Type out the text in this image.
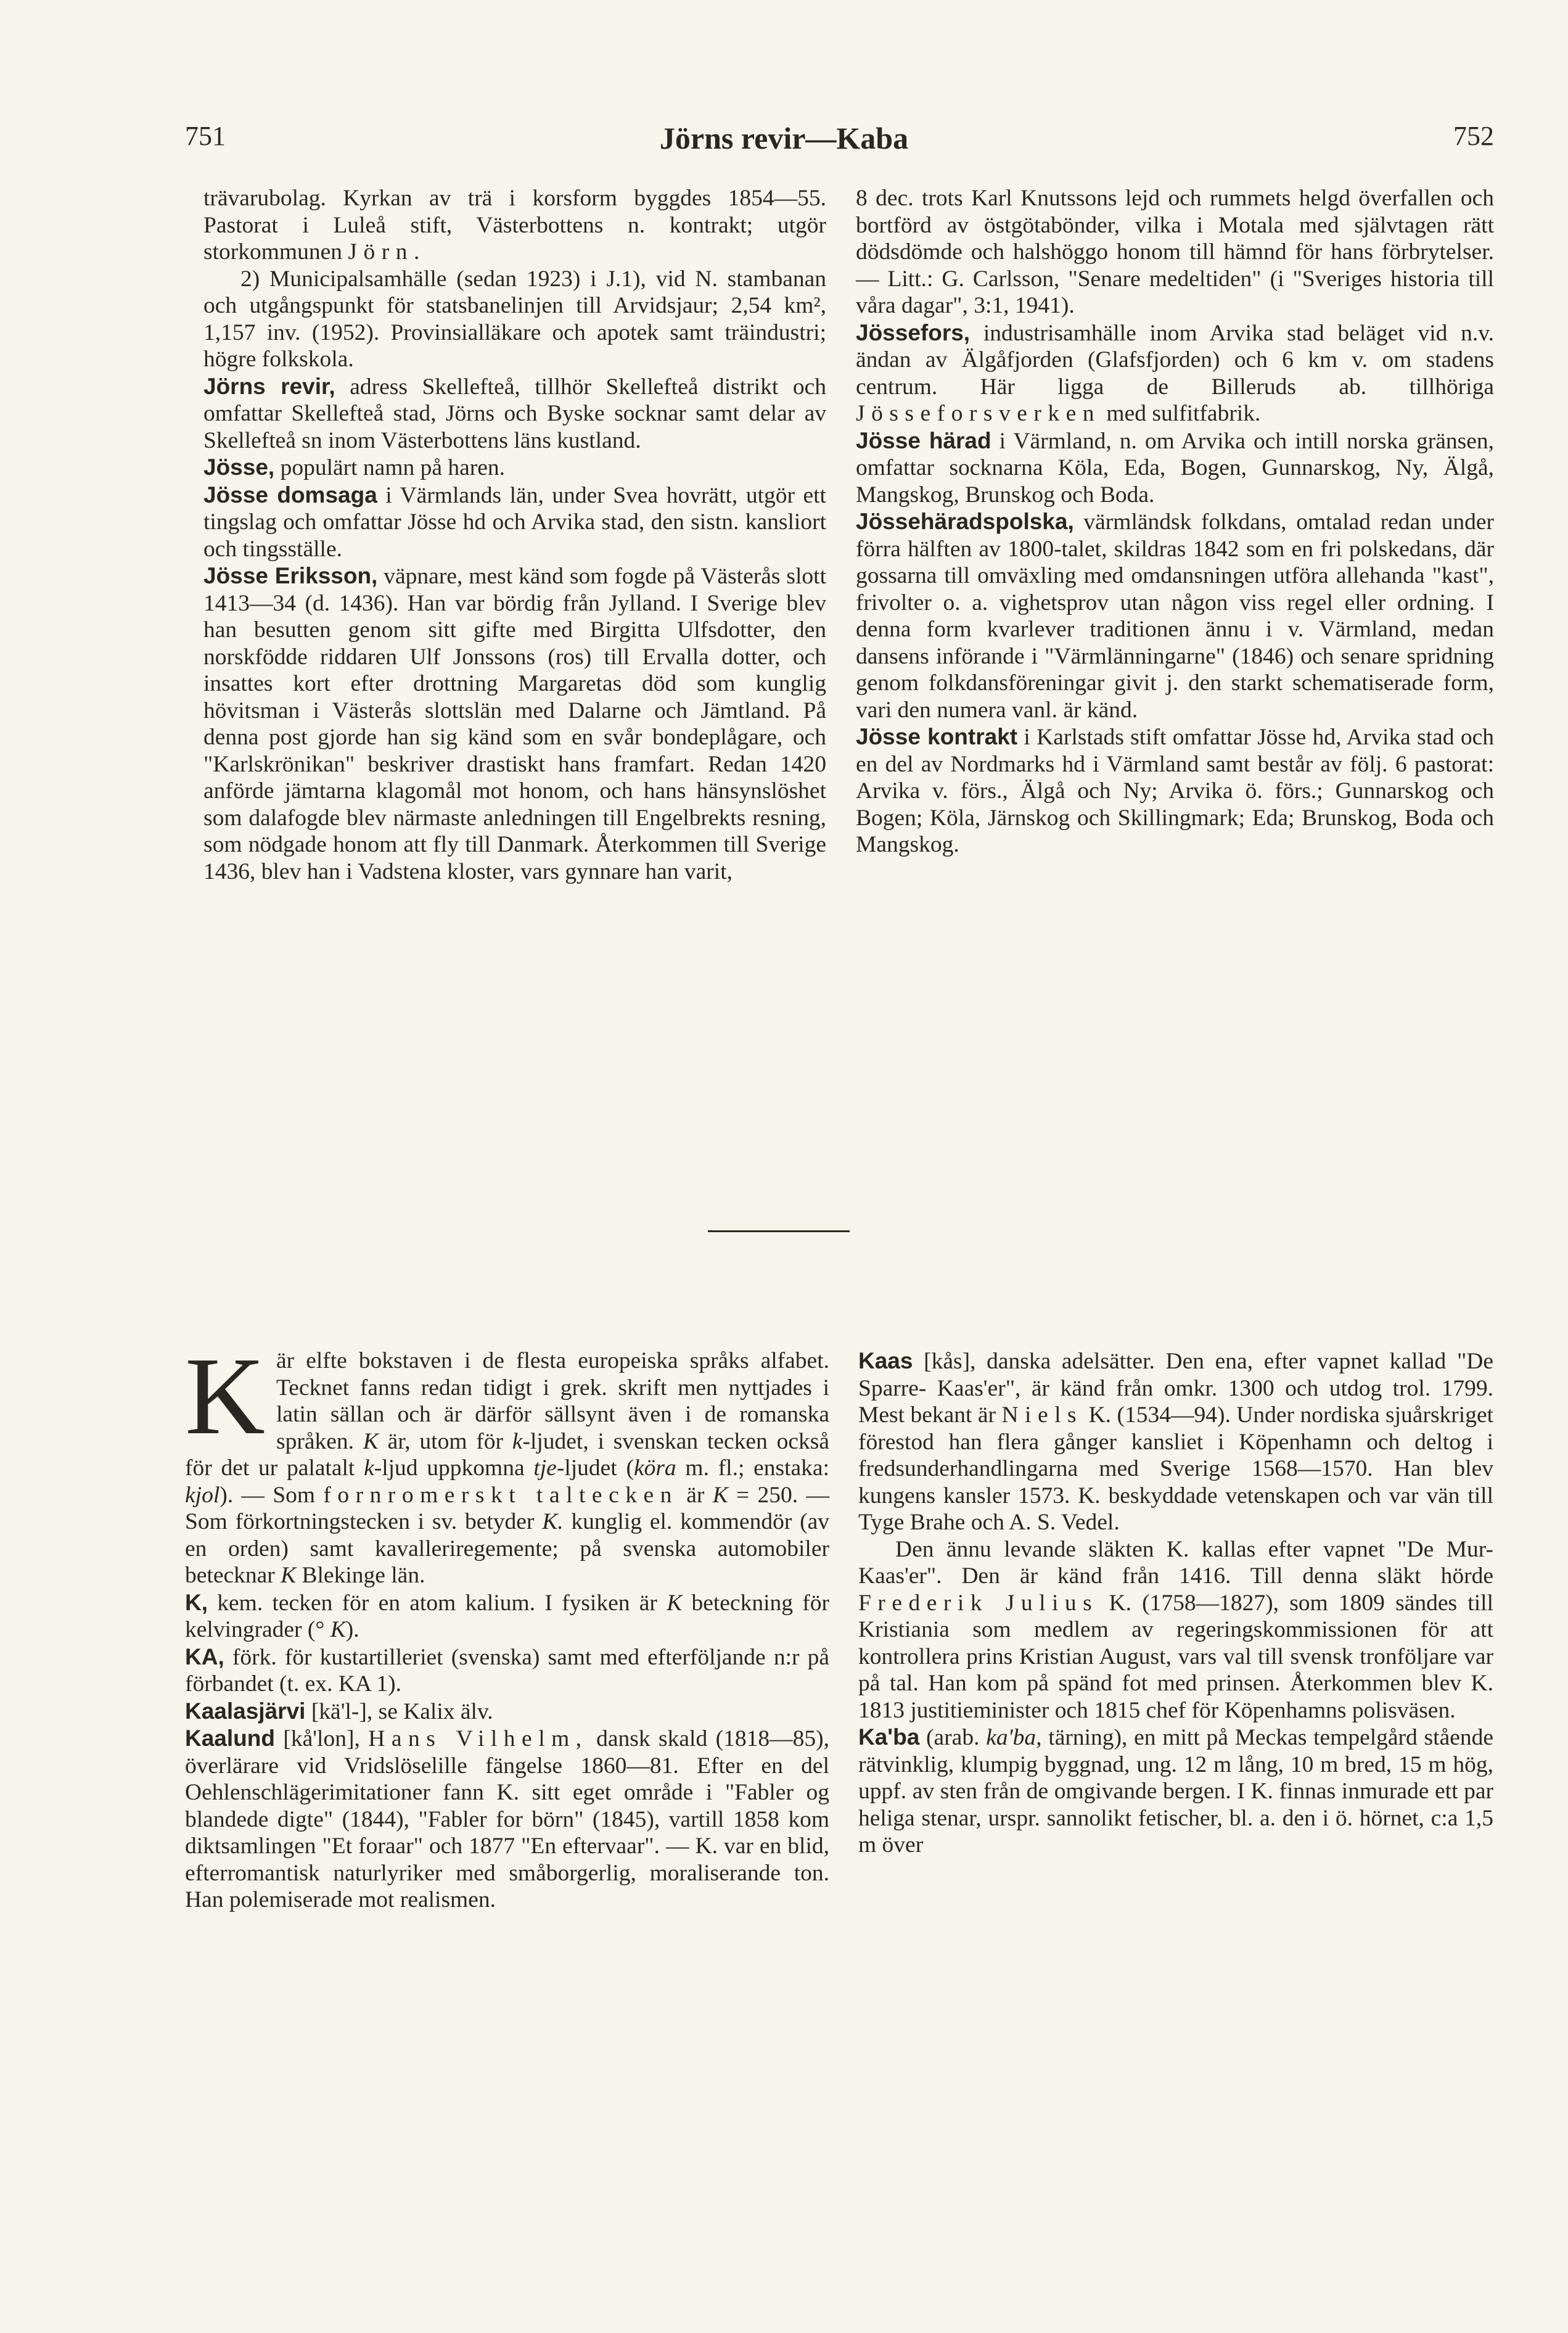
751	Jörns revir—Kaba	752

trävarubolag. Kyrkan av trä i korsform byggdes 1854—55. Pastorat i Luleå stift, Västerbottens n. kontrakt; utgör storkommunen Jörn.

2) Municipalsamhälle (sedan 1923) i J.1), vid N. stambanan och utgångspunkt för statsbanelinjen till Arvidsjaur; 2,54 km², 1,157 inv. (1952). Provinsialläkare och apotek samt träindustri; högre folkskola.

Jörns revir, adress Skellefteå, tillhör Skellefteå distrikt och omfattar Skellefteå stad, Jörns och Byske socknar samt delar av Skellefteå sn inom Västerbottens läns kustland.

Jösse, populärt namn på haren.

Jösse domsaga i Värmlands län, under Svea hovrätt, utgör ett tingslag och omfattar Jösse hd och Arvika stad, den sistn. kansliort och tingsställe.

Jösse Eriksson, väpnare, mest känd som fogde på Västerås slott 1413—34 (d. 1436). Han var bördig från Jylland. I Sverige blev han besutten genom sitt gifte med Birgitta Ulfsdotter, den norskfödde riddaren Ulf Jonssons (ros) till Ervalla dotter, och insattes kort efter drottning Margaretas död som kunglig hövitsman i Västerås slottslän med Dalarne och Jämtland. På denna post gjorde han sig känd som en svår bondeplågare, och "Karlskrönikan" beskriver drastiskt hans framfart. Redan 1420 anförde jämtarna klagomål mot honom, och hans hänsynslöshet som dalafogde blev närmaste anledningen till Engelbrekts resning, som nödgade honom att fly till Danmark. Återkommen till Sverige 1436, blev han i Vadstena kloster, vars gynnare han varit,

8 dec. trots Karl Knutssons lejd och rummets helgd överfallen och bortförd av östgötabönder, vilka i Motala med självtagen rätt dödsdömde och halshöggo honom till hämnd för hans förbrytelser. — Litt.: G. Carlsson, "Senare medeltiden" (i "Sveriges historia till våra dagar", 3:1, 1941).

Jössefors, industrisamhälle inom Arvika stad beläget vid n.v. ändan av Älgåfjorden (Glafsfjorden) och 6 km v. om stadens centrum. Här ligga de Billeruds ab. tillhöriga Jösseforsverken med sulfitfabrik.

Jösse härad i Värmland, n. om Arvika och intill norska gränsen, omfattar socknarna Köla, Eda, Bogen, Gunnarskog, Ny, Älgå, Mangskog, Brunskog och Boda.

Jössehäradspolska, värmländsk folkdans, omtalad redan under förra hälften av 1800-talet, skildras 1842 som en fri polskedans, där gossarna till omväxling med omdansningen utföra allehanda "kast", frivolter o. a. vighetsprov utan någon viss regel eller ordning. I denna form kvarlever traditionen ännu i v. Värmland, medan dansens införande i "Värmlänningarne" (1846) och senare spridning genom folkdansföreningar givit j. den starkt schematiserade form, vari den numera vanl. är känd.

Jösse kontrakt i Karlstads stift omfattar Jösse hd, Arvika stad och en del av Nordmarks hd i Värmland samt består av följ. 6 pastorat: Arvika v. förs., Älgå och Ny; Arvika ö. förs.; Gunnarskog och Bogen; Köla, Järnskog och Skillingmark; Eda; Brunskog, Boda och Mangskog.

Kär elfte bokstaven i de flesta europeiska språks alfabet. Tecknet fanns redan tidigt i grek. skrift men nyttjades i latin sällan och är därför sällsynt även i de romanska språken. K är, utom för k-ljudet, i svenskan tecken också för det ur palatalt k-ljud uppkomna tje-ljudet (köra m. fl.; enstaka: kjol). — Som fornromerskt taltecken är K = 250. — Som förkortningstecken i sv. betyder K. kunglig el. kommendör (av en orden) samt kavalleriregemente; på svenska automobiler betecknar K Blekinge län.

K, kem. tecken för en atom kalium. I fysiken är K beteckning för kelvingrader (° K).

KA, förk. för kustartilleriet (svenska) samt med efterföljande n:r på förbandet (t. ex. KA 1).

Kaalasjärvi [kä'l-], se Kalix älv.

Kaalund [kå'lon], Hans Vilhelm, dansk skald (1818—85), överlärare vid Vridslöselille fängelse 1860—81. Efter en del Oehlenschlägerimitationer fann K. sitt eget område i "Fabler og blandede digte" (1844), "Fabler for börn" (1845), vartill 1858 kom diktsamlingen "Et foraar" och 1877 "En eftervaar". — K. var en blid, efterromantisk naturlyriker med småborgerlig, moraliserande ton. Han polemiserade mot realismen.

Kaas [kås], danska adelsätter. Den ena, efter vapnet kallad "De Sparre- Kaas'er", är känd från omkr. 1300 och utdog trol. 1799. Mest bekant är Niels K. (1534—94). Under nordiska sjuårskriget förestod han flera gånger kansliet i Köpenhamn och deltog i fredsunderhandlingarna med Sverige 1568—1570. Han blev kungens kansler 1573. K. beskyddade vetenskapen och var vän till Tyge Brahe och A. S. Vedel.

Den ännu levande släkten K. kallas efter vapnet "De Mur-Kaas'er". Den är känd från 1416. Till denna släkt hörde Frederik Julius K. (1758—1827), som 1809 sändes till Kristiania som medlem av regeringskommissionen för att kontrollera prins Kristian August, vars val till svensk tronföljare var på tal. Han kom på spänd fot med prinsen. Återkommen blev K. 1813 justitieminister och 1815 chef för Köpenhamns polisväsen.

Ka'ba (arab. ka'ba, tärning), en mitt på Meckas tempelgård stående rätvinklig, klumpig byggnad, ung. 12 m lång, 10 m bred, 15 m hög, uppf. av sten från de omgivande bergen. I K. finnas inmurade ett par heliga stenar, urspr. sannolikt fetischer, bl. a. den i ö. hörnet, c:a 1,5 m över
